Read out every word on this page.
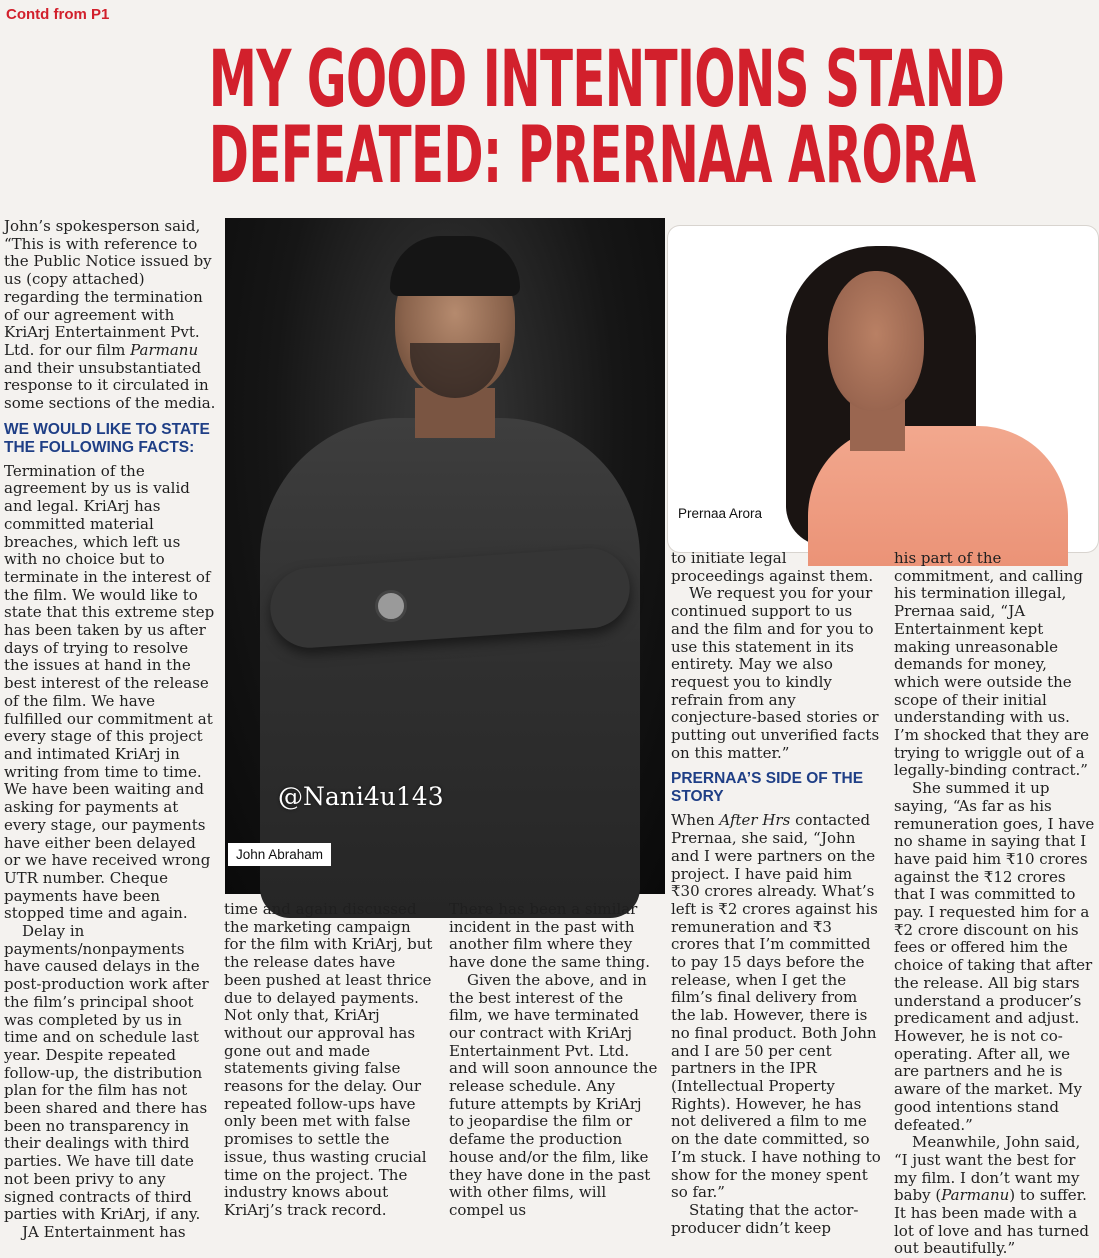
Contd from P1
MY GOOD INTENTIONS STAND
DEFEATED: PRERNAA ARORA

John’s spokesperson said, “This is with reference to the Public Notice issued by us (copy attached) regarding the termination of our agreement with KriArj Entertainment Pvt. Ltd. for our film Parmanu and their unsubstantiated response to it circulated in some sections of the media.

WE WOULD LIKE TO STATE THE FOLLOWING FACTS:

Termination of the agreement by us is valid and legal. KriArj has committed material breaches, which left us with no choice but to terminate in the interest of the film. We would like to state that this extreme step has been taken by us after days of trying to resolve the issues at hand in the best interest of the release of the film. We have fulfilled our commitment at every stage of this project and intimated KriArj in writing from time to time. We have been waiting and asking for payments at every stage, our payments have either been delayed or we have received wrong UTR number. Cheque payments have been stopped time and again.

Delay in payments/nonpayments have caused delays in the post-production work after the film’s principal shoot was completed by us in time and on schedule last year. Despite repeated follow-up, the distribution plan for the film has not been shared and there has been no transparency in their dealings with third parties. We have till date not been privy to any signed contracts of third parties with KriArj, if any.

JA Entertainment has

@Nani4u143
John Abraham
Prernaa Arora

time and again discussed the marketing campaign for the film with KriArj, but the release dates have been pushed at least thrice due to delayed payments. Not only that, KriArj without our approval has gone out and made statements giving false reasons for the delay. Our repeated follow-ups have only been met with false promises to settle the issue, thus wasting crucial time on the project. The industry knows about KriArj’s track record.

There has been a similar incident in the past with another film where they have done the same thing.

Given the above, and in the best interest of the film, we have terminated our contract with KriArj Entertainment Pvt. Ltd. and will soon announce the release schedule. Any future attempts by KriArj to jeopardise the film or defame the production house and/or the film, like they have done in the past with other films, will compel us

to initiate legal proceedings against them.

We request you for your continued support to us and the film and for you to use this statement in its entirety. May we also request you to kindly refrain from any conjecture-based stories or putting out unverified facts on this matter.”

PRERNAA’S SIDE OF THE STORY

When After Hrs contacted Prernaa, she said, “John and I were partners on the project. I have paid him ₹30 crores already. What’s left is ₹2 crores against his remuneration and ₹3 crores that I’m committed to pay 15 days before the release, when I get the film’s final delivery from the lab. However, there is no final product. Both John and I are 50 per cent partners in the IPR (Intellectual Property Rights). However, he has not delivered a film to me on the date committed, so I’m stuck. I have nothing to show for the money spent so far.”

Stating that the actor-producer didn’t keep

his part of the commitment, and calling his termination illegal, Prernaa said, “JA Entertainment kept making unreasonable demands for money, which were outside the scope of their initial understanding with us. I’m shocked that they are trying to wriggle out of a legally-binding contract.”

She summed it up saying, “As far as his remuneration goes, I have no shame in saying that I have paid him ₹10 crores against the ₹12 crores that I was committed to pay. I requested him for a ₹2 crore discount on his fees or offered him the choice of taking that after the release. All big stars understand a producer’s predicament and adjust. However, he is not co-operating. After all, we are partners and he is aware of the market. My good intentions stand defeated.”

Meanwhile, John said, “I just want the best for my film. I don’t want my baby (Parmanu) to suffer. It has been made with a lot of love and has turned out beautifully.”
